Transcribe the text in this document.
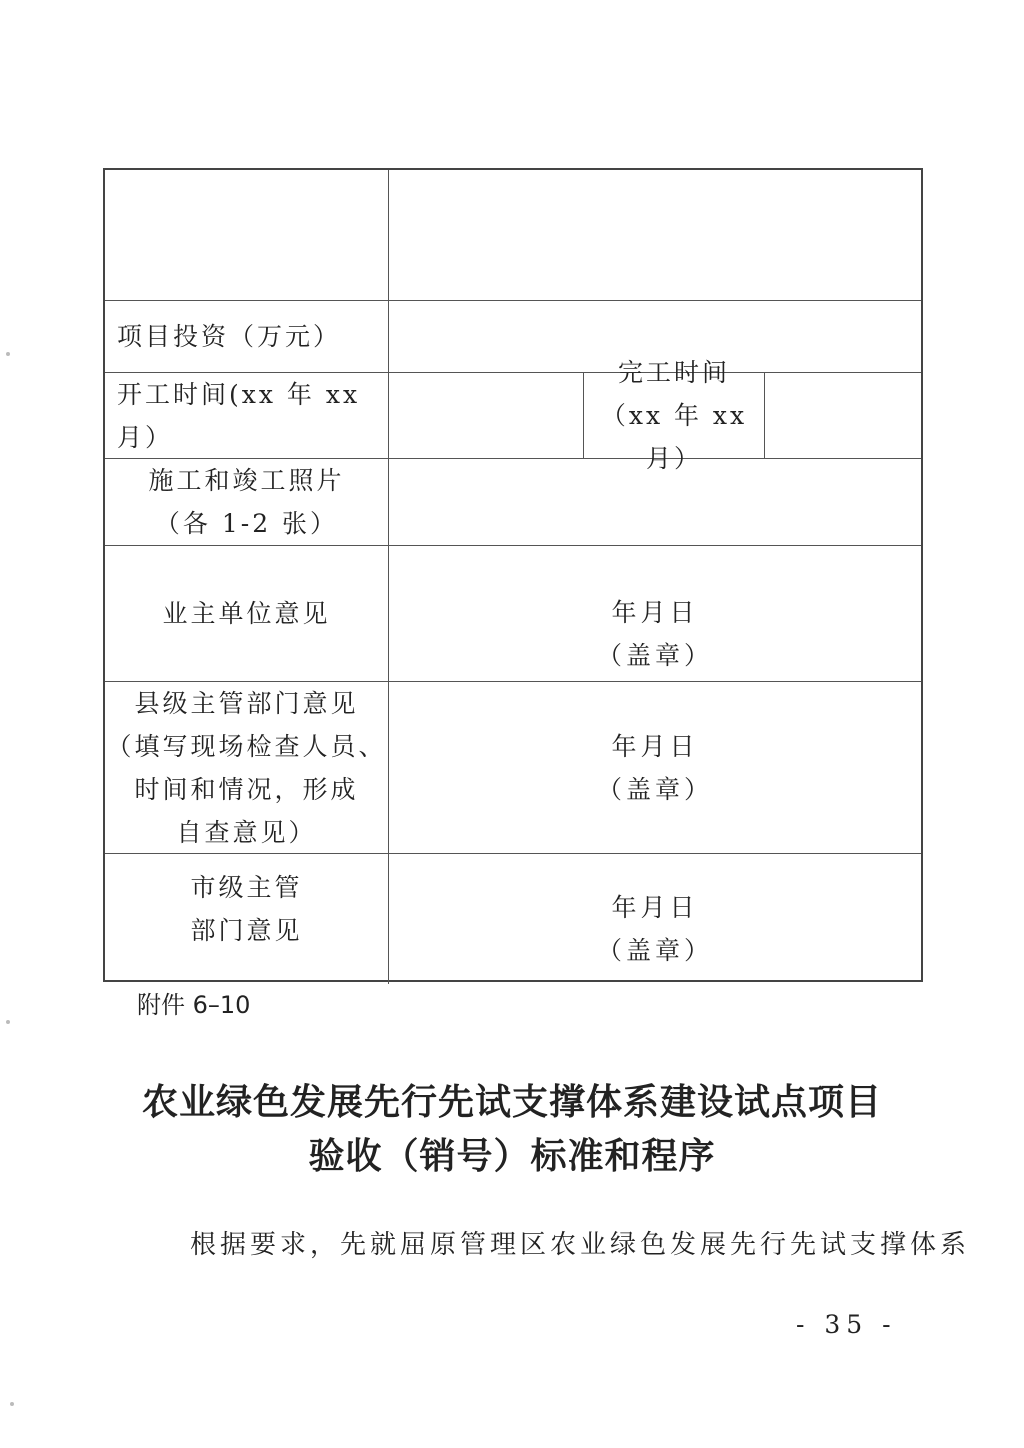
项目投资（万元）
开工时间(xx 年 xx 月）
完工时间（xx 年 xx 月）
施工和竣工照片
（各 1-2 张）
业主单位意见	年月日
（盖章）
县级主管部门意见
（填写现场检查人员、
时间和情况，形成
自查意见）
年月日
（盖章）
市级主管
部门意见
年月日
（盖章）
附件 6–10
农业绿色发展先行先试支撑体系建设试点项目
验收（销号）标准和程序
根据要求，先就屈原管理区农业绿色发展先行先试支撑体系
- 35 -
